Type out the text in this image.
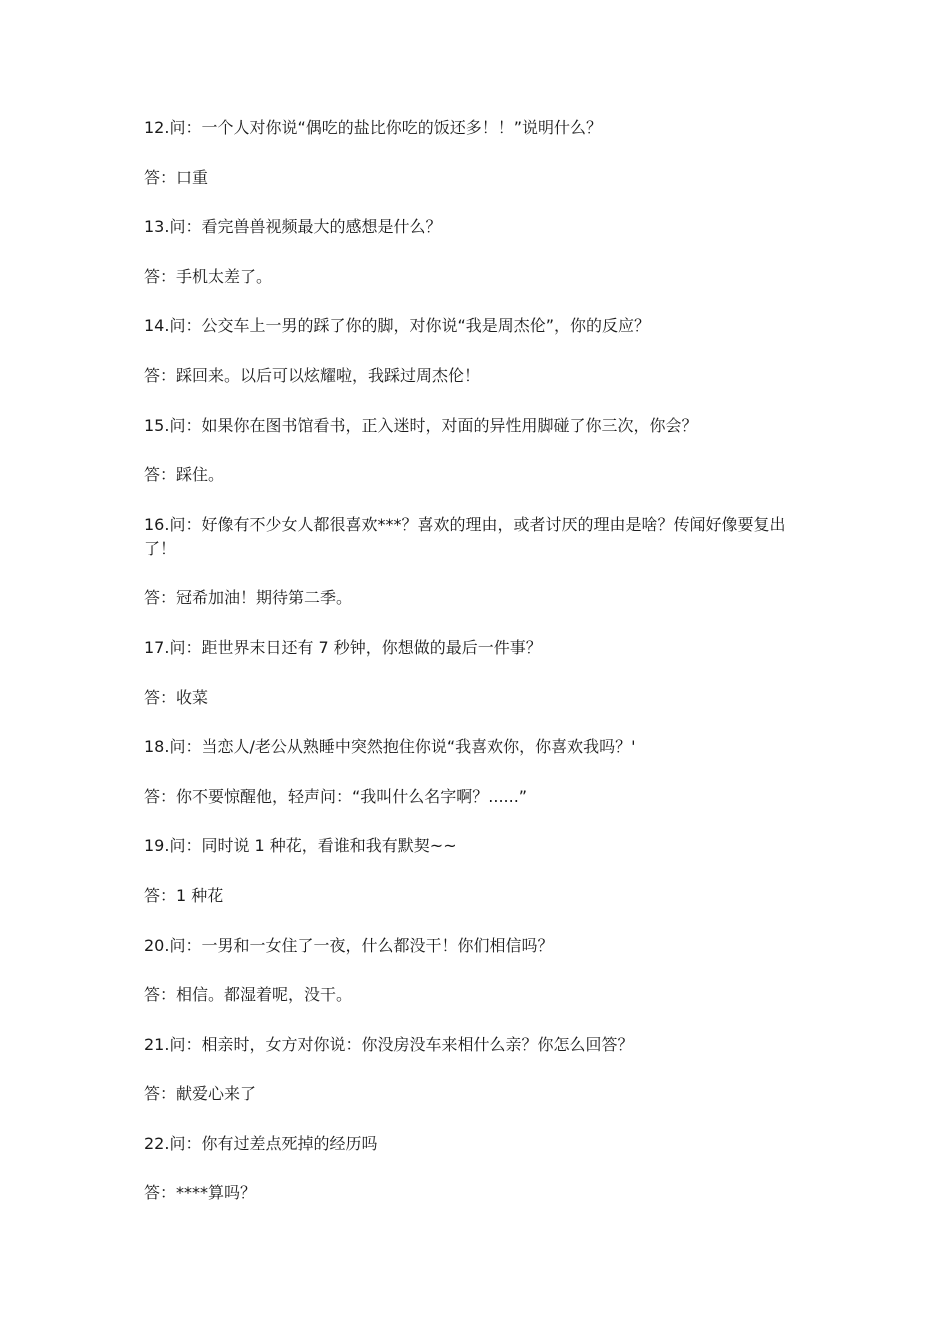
12.问：一个人对你说“偶吃的盐比你吃的饭还多！！”说明什么？

答：口重

13.问：看完兽兽视频最大的感想是什么？

答：手机太差了。

14.问：公交车上一男的踩了你的脚，对你说“我是周杰伦”，你的反应？

答：踩回来。以后可以炫耀啦，我踩过周杰伦！

15.问：如果你在图书馆看书，正入迷时，对面的异性用脚碰了你三次，你会？

答：踩住。

16.问：好像有不少女人都很喜欢***？喜欢的理由，或者讨厌的理由是啥？传闻好像要复出了！

答：冠希加油！期待第二季。

17.问：距世界末日还有 7 秒钟，你想做的最后一件事？

答：收菜

18.问：当恋人/老公从熟睡中突然抱住你说“我喜欢你，你喜欢我吗？'

答：你不要惊醒他，轻声问：“我叫什么名字啊？......”

19.问：同时说 1 种花，看谁和我有默契~~

答：1 种花

20.问：一男和一女住了一夜，什么都没干！你们相信吗？

答：相信。都湿着呢，没干。

21.问：相亲时，女方对你说：你没房没车来相什么亲？你怎么回答？

答：献爱心来了

22.问：你有过差点死掉的经历吗

答：****算吗？
